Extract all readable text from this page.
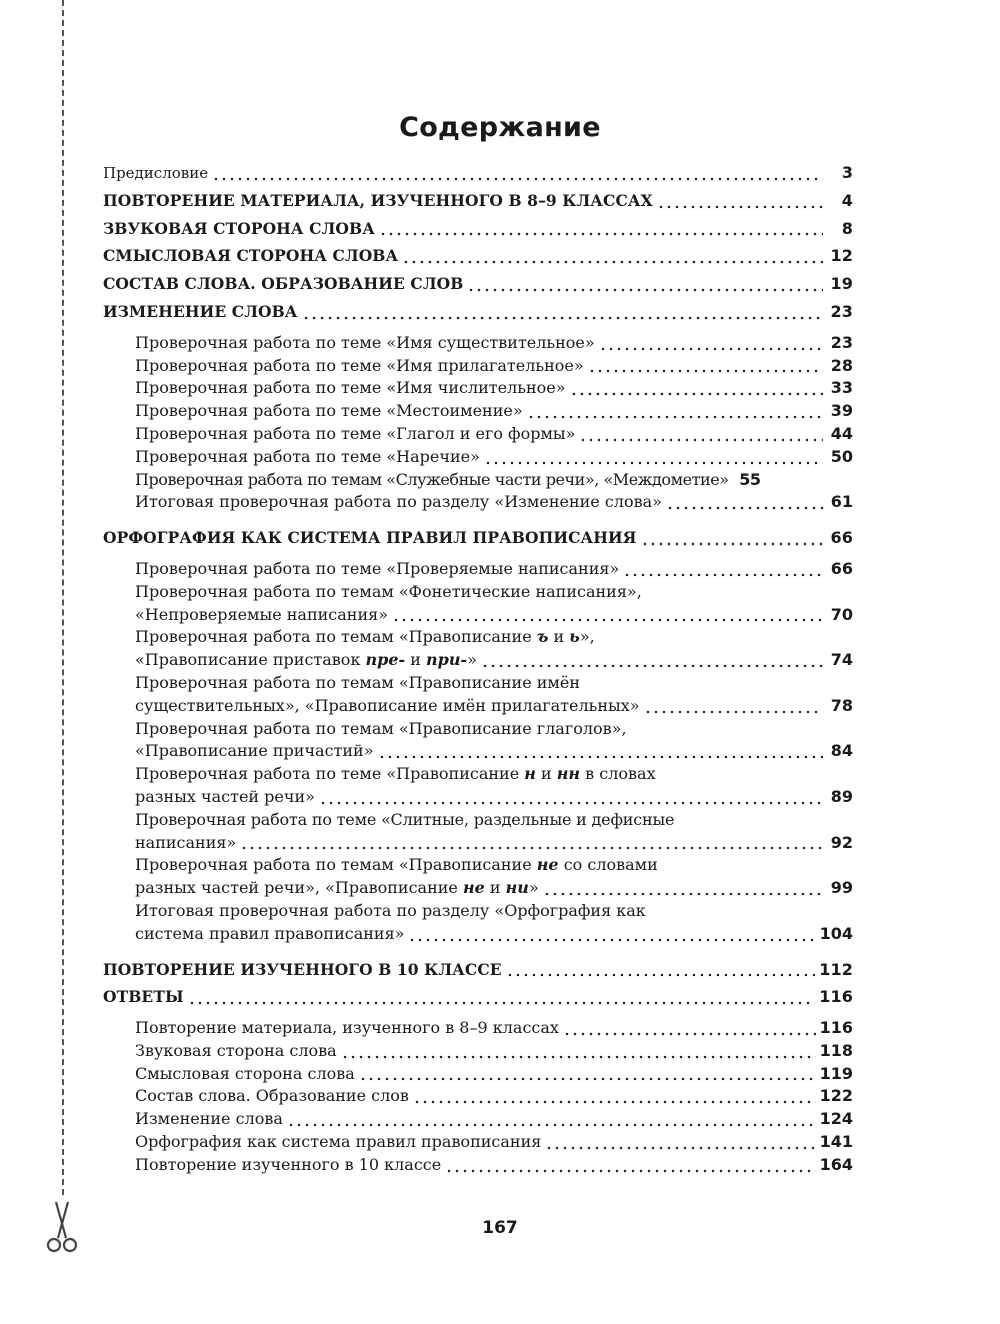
Содержание
Предисловие	3
ПОВТОРЕНИЕ МАТЕРИАЛА, ИЗУЧЕННОГО В 8–9 КЛАССАХ	4
ЗВУКОВАЯ СТОРОНА СЛОВА	8
СМЫСЛОВАЯ СТОРОНА СЛОВА	12
СОСТАВ СЛОВА. ОБРАЗОВАНИЕ СЛОВ	19
ИЗМЕНЕНИЕ СЛОВА	23
Проверочная работа по теме «Имя существительное»	23
Проверочная работа по теме «Имя прилагательное»	28
Проверочная работа по теме «Имя числительное»	33
Проверочная работа по теме «Местоимение»	39
Проверочная работа по теме «Глагол и его формы»	44
Проверочная работа по теме «Наречие»	50
Проверочная работа по темам «Служебные части речи», «Междометие» 55
Итоговая проверочная работа по разделу «Изменение слова»	61
ОРФОГРАФИЯ КАК СИСТЕМА ПРАВИЛ ПРАВОПИСАНИЯ	66
Проверочная работа по теме «Проверяемые написания»	66
Проверочная работа по темам «Фонетические написания»,
«Непроверяемые написания»	70
Проверочная работа по темам «Правописание ъ и ь»,
«Правописание приставок пре- и при-»	74
Проверочная работа по темам «Правописание имён
существительных», «Правописание имён прилагательных»	78
Проверочная работа по темам «Правописание глаголов»,
«Правописание причастий»	84
Проверочная работа по теме «Правописание н и нн в словах
разных частей речи»	89
Проверочная работа по теме «Слитные, раздельные и дефисные
написания»	92
Проверочная работа по темам «Правописание не со словами
разных частей речи», «Правописание не и ни»	99
Итоговая проверочная работа по разделу «Орфография как
система правил правописания»	104
ПОВТОРЕНИЕ ИЗУЧЕННОГО В 10 КЛАССЕ	112
ОТВЕТЫ	116
Повторение материала, изученного в 8–9 классах	116
Звуковая сторона слова	118
Смысловая сторона слова	119
Состав слова. Образование слов	122
Изменение слова	124
Орфография как система правил правописания	141
Повторение изученного в 10 классе	164
167
